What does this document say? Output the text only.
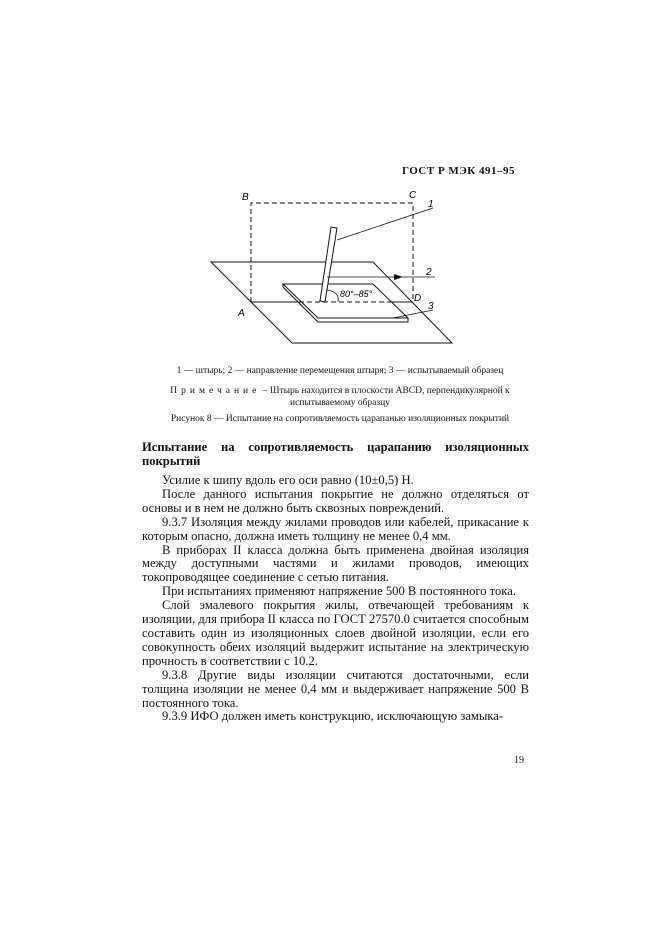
ГОСТ Р МЭК 491–95
B	C
A
D
1
2
3
80°–85°
1 — штырь; 2 — направление перемещения штыря; 3 — испытываемый образец
Примечание – Штырь находится в плоскости ABCD, перпендикулярной к испытываемому образцу
Рисунок 8 — Испытание на сопротивляемость царапанью изоляционных покрытий
Испытание на сопротивляемость царапанию изоляционных покрытий

Усилие к шипу вдоль его оси равно (10±0,5) Н.

После данного испытания покрытие не должно отделяться от основы и в нем не должно быть сквозных повреждений.

9.3.7 Изоляция между жилами проводов или кабелей, прикасание к которым опасно, должна иметь толщину не менее 0,4 мм.

В приборах II класса должна быть применена двойная изоляция между доступными частями и жилами проводов, имеющих токопроводящее соединение с сетью питания.

При испытаниях применяют напряжение 500 В постоянного тока.

Слой эмалевого покрытия жилы, отвечающей требованиям к изоляции, для прибора II класса по ГОСТ 27570.0 считается способным составить один из изоляционных слоев двойной изоляции, если его совокупность обеих изоляций выдержит испытание на электрическую прочность в соответствии с 10.2.

9.3.8 Другие виды изоляции считаются достаточными, если толщина изоляции не менее 0,4 мм и выдерживает напряжение 500 В постоянного тока.

9.3.9 ИФО должен иметь конструкцию, исключающую замыка-

19
